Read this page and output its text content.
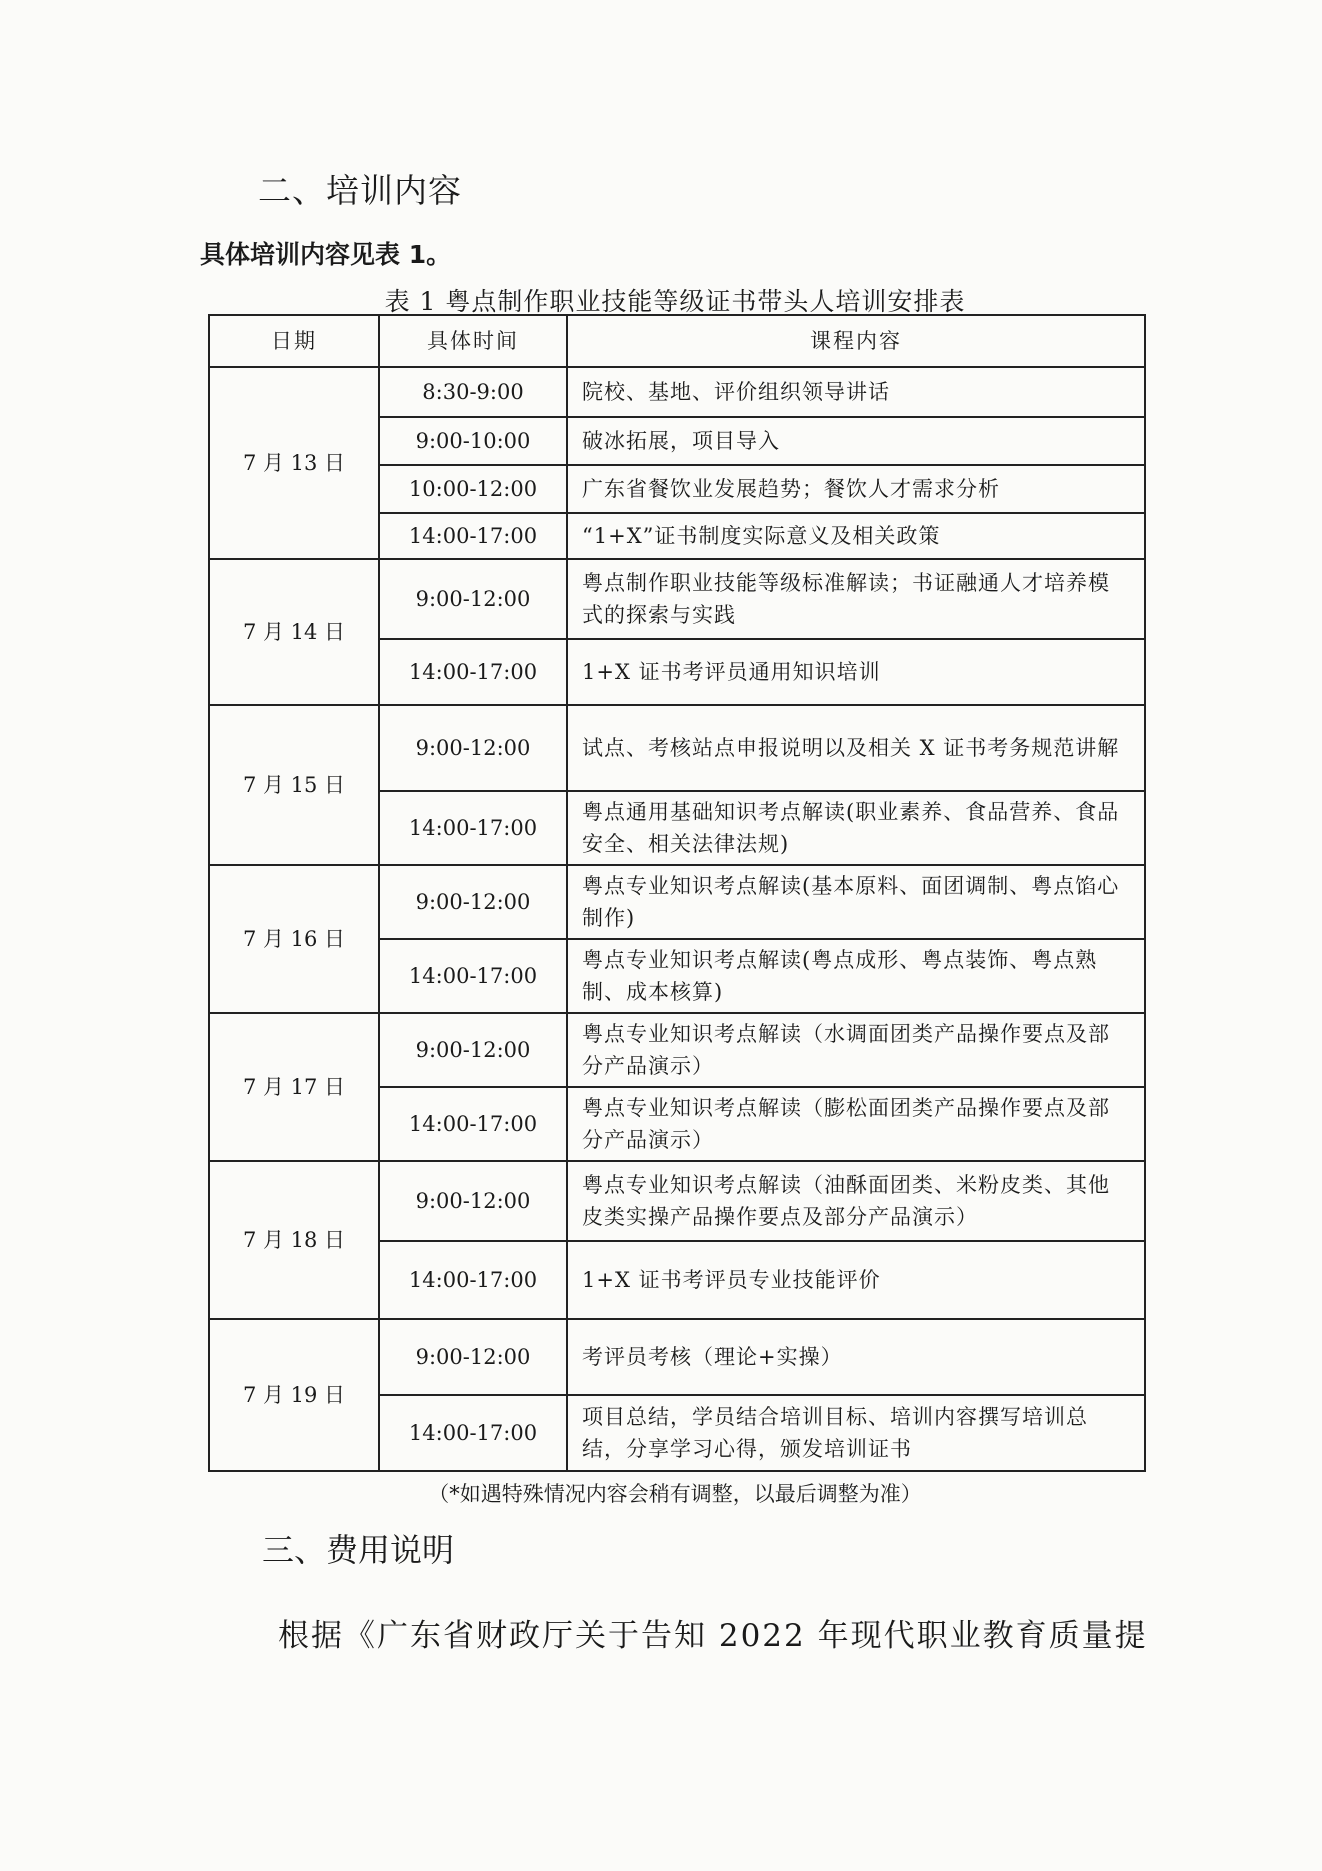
二、培训内容
具体培训内容见表 1。
表 1 粤点制作职业技能等级证书带头人培训安排表
日期	具体时间	课程内容
7 月 13 日	8:30-9:00	院校、基地、评价组织领导讲话
	9:00-10:00	破冰拓展，项目导入
	10:00-12:00	广东省餐饮业发展趋势；餐饮人才需求分析
	14:00-17:00	“1+X”证书制度实际意义及相关政策
7 月 14 日	9:00-12:00	粤点制作职业技能等级标准解读；书证融通人才培养模式的探索与实践
	14:00-17:00	1+X 证书考评员通用知识培训
7 月 15 日	9:00-12:00	试点、考核站点申报说明以及相关 X 证书考务规范讲解
	14:00-17:00	粤点通用基础知识考点解读(职业素养、食品营养、食品安全、相关法律法规)
7 月 16 日	9:00-12:00	粤点专业知识考点解读(基本原料、面团调制、粤点馅心制作)
	14:00-17:00	粤点专业知识考点解读(粤点成形、粤点装饰、粤点熟制、成本核算)
7 月 17 日	9:00-12:00	粤点专业知识考点解读（水调面团类产品操作要点及部分产品演示）
	14:00-17:00	粤点专业知识考点解读（膨松面团类产品操作要点及部分产品演示）
7 月 18 日	9:00-12:00	粤点专业知识考点解读（油酥面团类、米粉皮类、其他皮类实操产品操作要点及部分产品演示）
	14:00-17:00	1+X 证书考评员专业技能评价
7 月 19 日	9:00-12:00	考评员考核（理论+实操）
	14:00-17:00	项目总结，学员结合培训目标、培训内容撰写培训总结，分享学习心得，颁发培训证书
（*如遇特殊情况内容会稍有调整，以最后调整为准）
三、费用说明
根据《广东省财政厅关于告知 2022 年现代职业教育质量提
